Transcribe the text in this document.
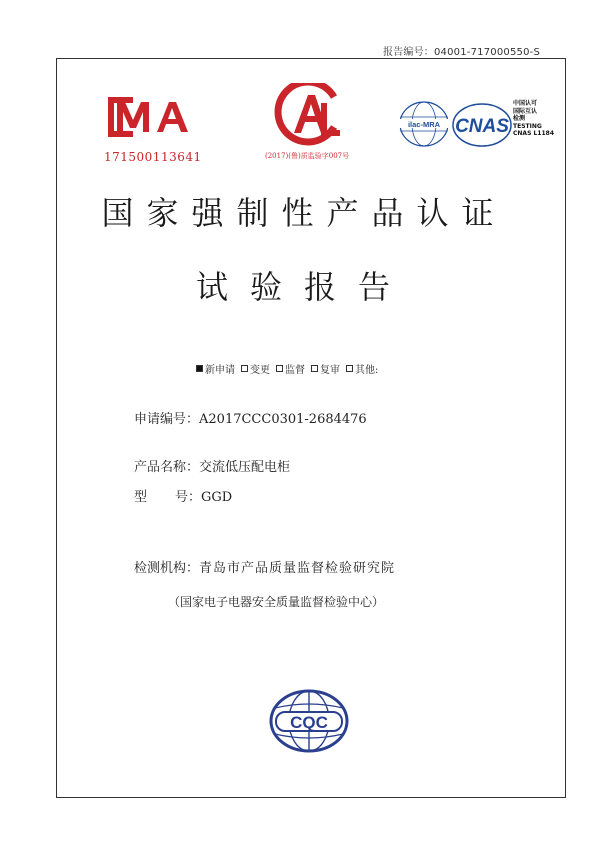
报告编号：04001-717000550-S
171500113641	(2017)(鲁)质监验字007号
ilac-MRA CNAS
中国认可
国际互认
检测
TESTING
CNAS L1184
国家强制性产品认证
试验报告
新申请 变更 监督 复审 其他:
申请编号：A2017CCC0301-2684476
产品名称：交流低压配电柜
型 号：GGD
检测机构：青岛市产品质量监督检验研究院
（国家电子电器安全质量监督检验中心）
CQC
